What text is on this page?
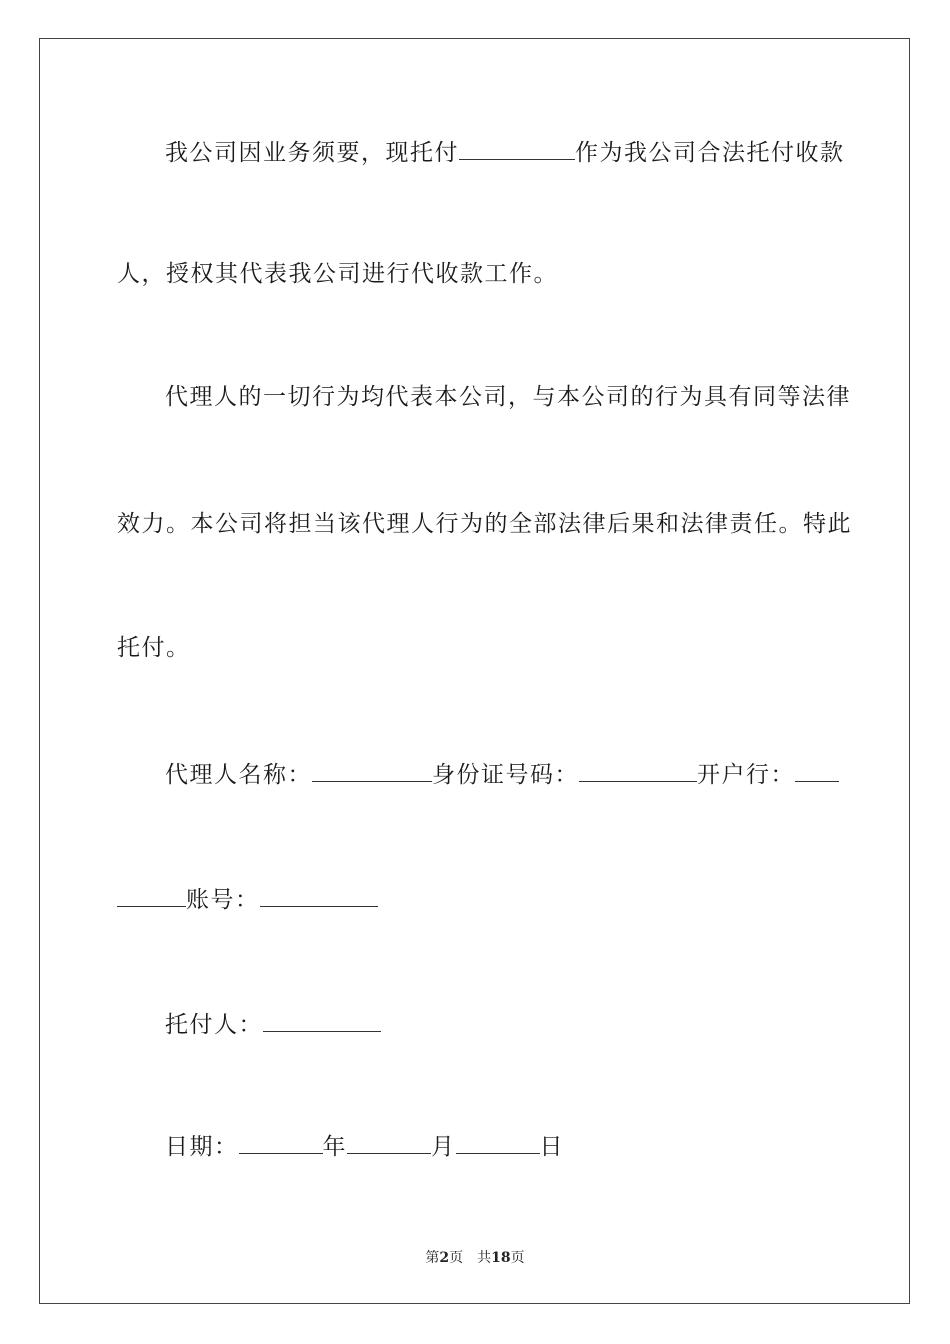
我公司因业务须要，现托付	作为我公司合法托付收款
人，授权其代表我公司进行代收款工作。
代理人的一切行为均代表本公司，与本公司的行为具有同等法律
效力。本公司将担当该代理人行为的全部法律后果和法律责任。特此
托付。
代理人名称：	身份证号码：	开户行：
账号：
托付人：
日期：	年	月	日
第2页 共18页
